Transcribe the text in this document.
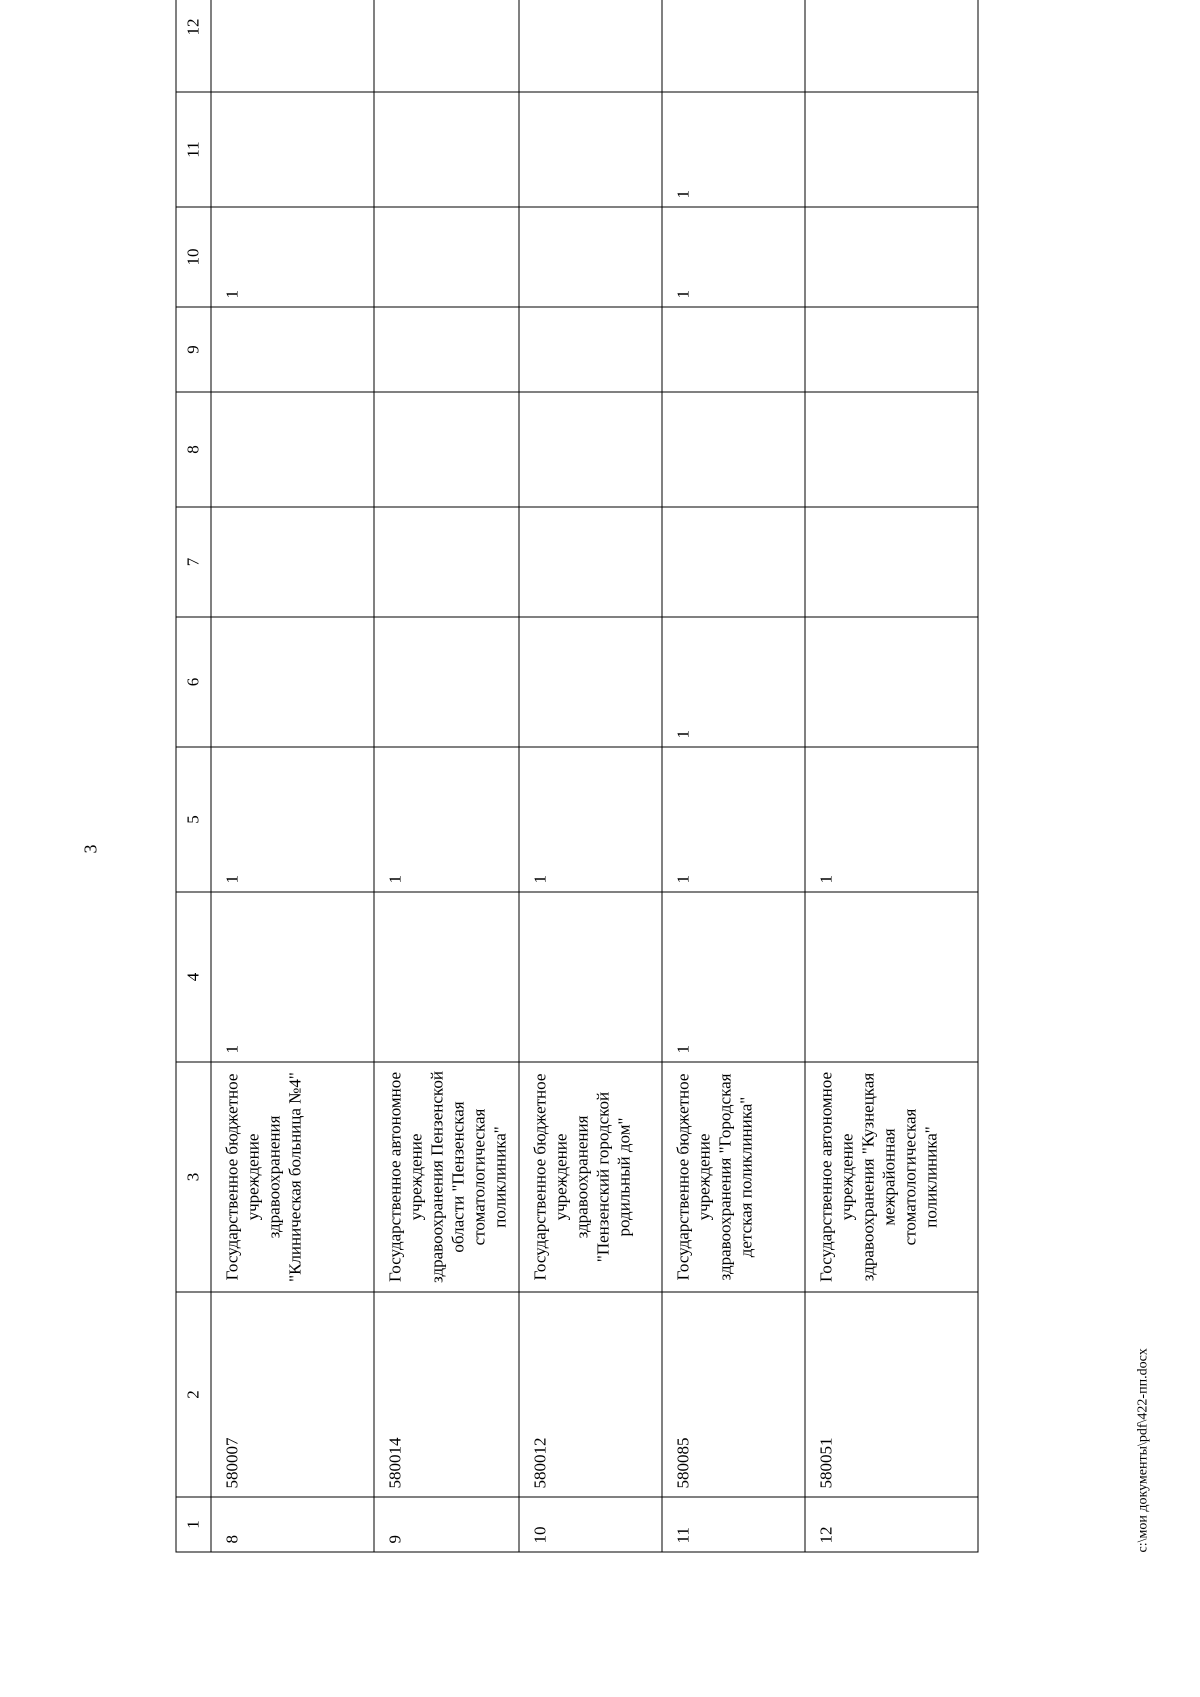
3
1	2	3	4	5	6	7	8	9	10	11	12	
8	580007	Государственное бюджетное учреждение здравоохранения "Клиническая больница №4"	1	1					1			
9	580014	Государственное автономное учреждение здравоохранения Пензенской области "Пензенская стоматологическая поликлиника"		1								
10	580012	Государственное бюджетное учреждение здравоохранения "Пензенский городской родильный дом"		1								
11	580085	Государственное бюджетное учреждение здравоохранения "Городская детская поликлиника"	1	1	1				1	1		
12	580051	Государственное автономное учреждение здравоохранения "Кузнецкая межрайонная стоматологическая поликлиника"		1								
c:\мои документы\pdf\422-пп.docx
